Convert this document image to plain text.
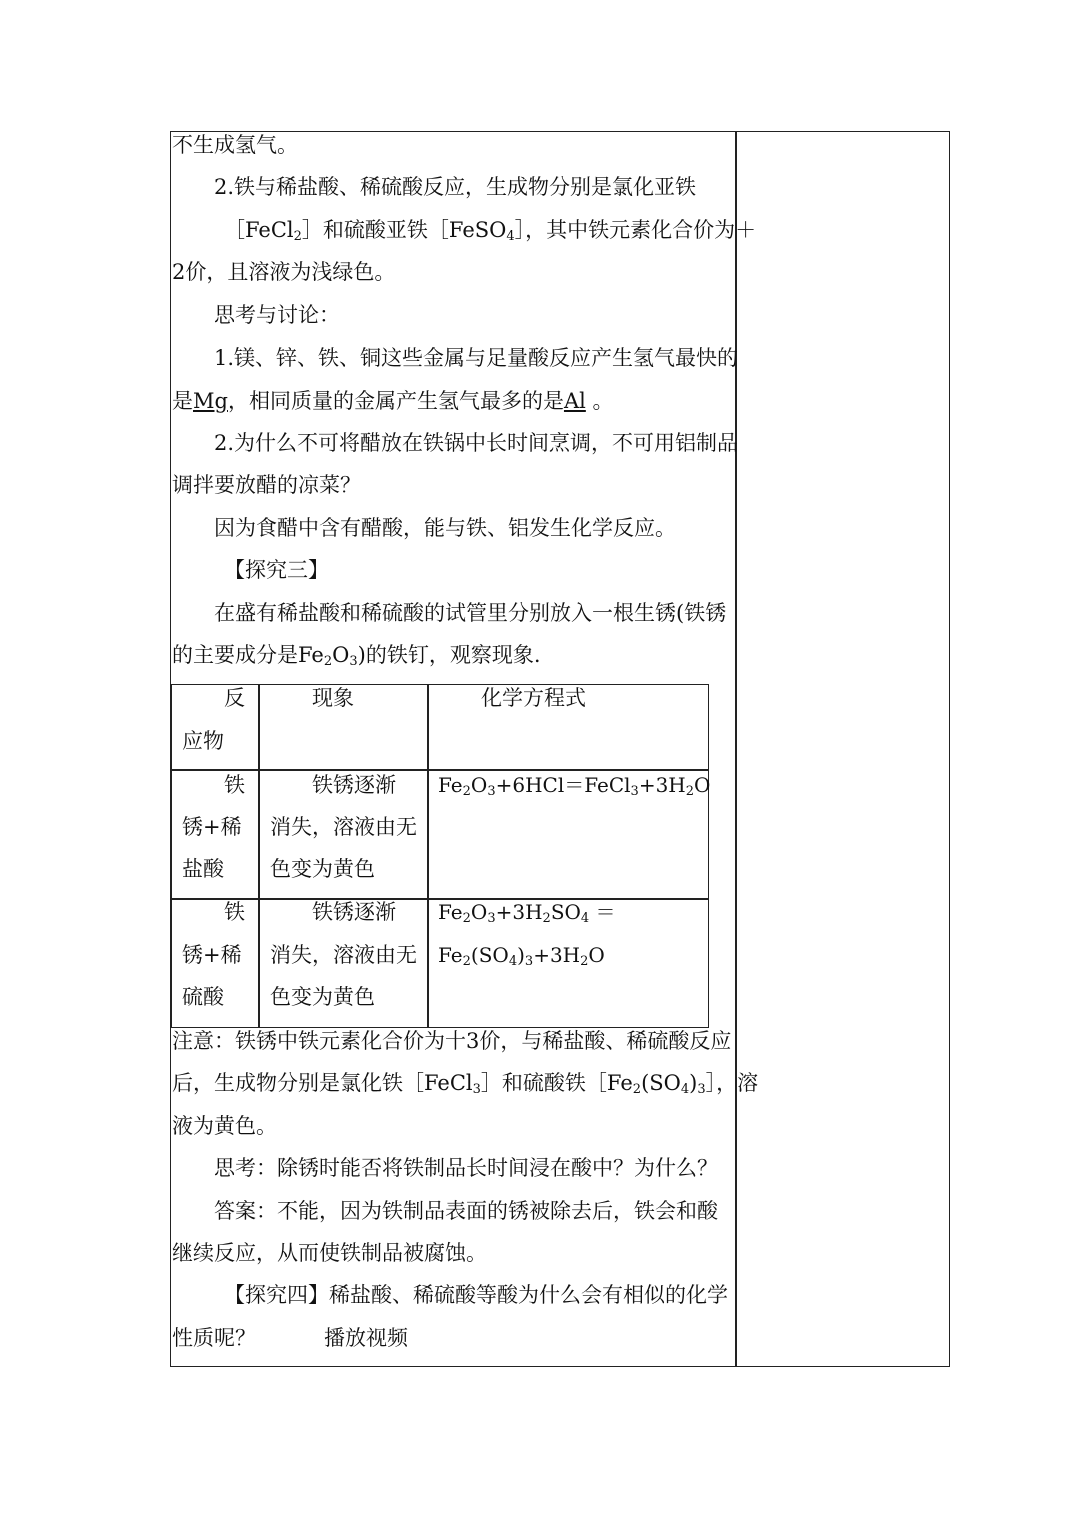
不生成氢气。
2.铁与稀盐酸、稀硫酸反应，生成物分别是氯化亚铁
［FeCl$_2$］和硫酸亚铁［FeSO$_4$］，其中铁元素化合价为＋
2价，且溶液为浅绿色。
思考与讨论：
1.镁、锌、铁、铜这些金属与足量酸反应产生氢气最快的
是Mg，相同质量的金属产生氢气最多的是Al 。
2.为什么不可将醋放在铁锅中长时间烹调，不可用铝制品
调拌要放醋的凉菜？
因为食醋中含有醋酸，能与铁、铝发生化学反应。
【探究三】
在盛有稀盐酸和稀硫酸的试管里分别放入一根生锈(铁锈
的主要成分是$Fe_2O_3$)的铁钉，观察现象.
反
应物
现象	化学方程式
铁
锈+稀
盐酸
铁锈逐渐
消失，溶液由无
色变为黄色
$Fe_2O_3+6HCl=FeCl_3+3H_2O$
铁
锈+稀
硫酸
铁锈逐渐
消失，溶液由无
色变为黄色
$Fe_2O_3+3H_2SO_4$ ＝
$Fe_2(SO_4)_3+3H_2O$
注意：铁锈中铁元素化合价为十3价，与稀盐酸、稀硫酸反应
后，生成物分别是氯化铁［FeCl$_3$］和硫酸铁$[Fe_2(SO_4)_3$ ］，溶
液为黄色。
思考：除锈时能否将铁制品长时间浸在酸中？为什么？
答案：不能，因为铁制品表面的锈被除去后，铁会和酸
继续反应，从而使铁制品被腐蚀。
【探究四】稀盐酸、稀硫酸等酸为什么会有相似的化学
性质呢？	播放视频
